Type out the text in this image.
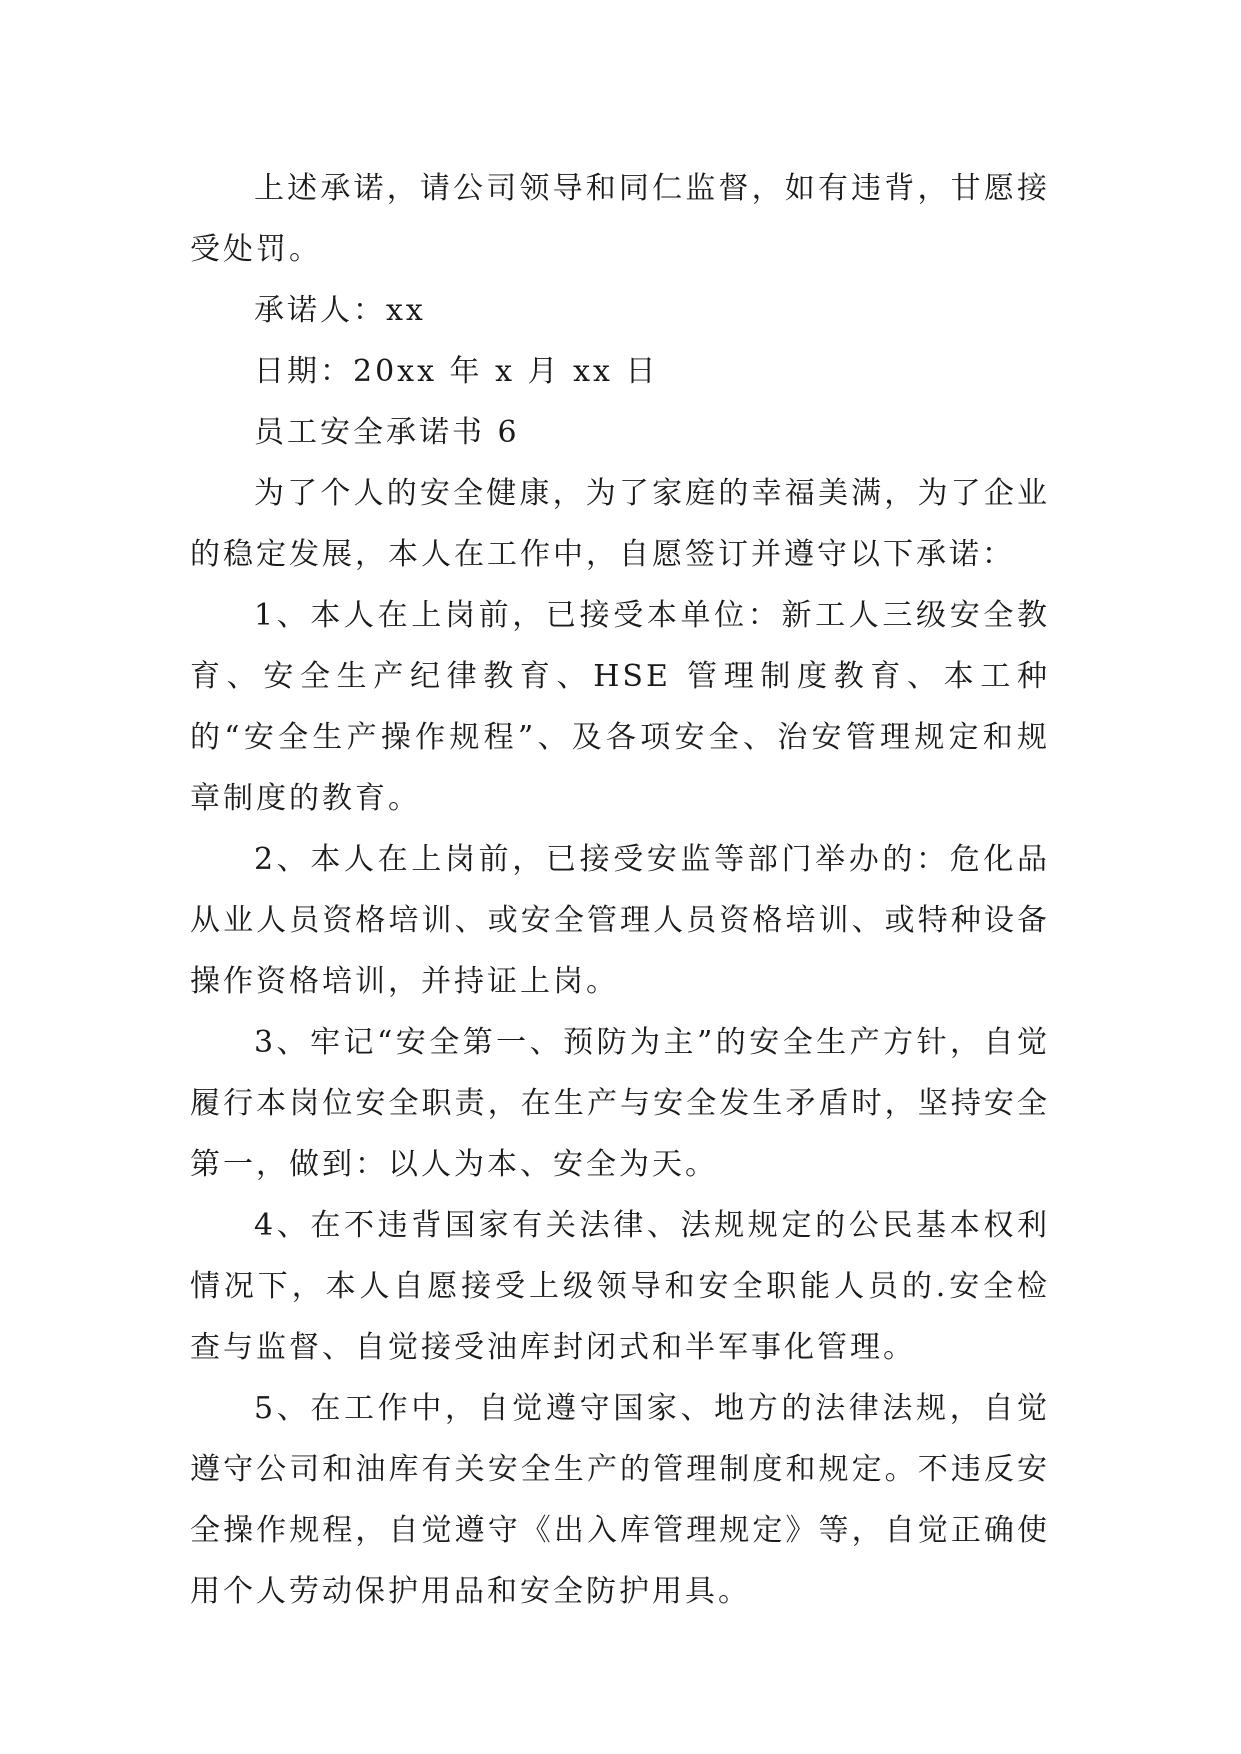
上述承诺，请公司领导和同仁监督，如有违背，甘愿接受处罚。

承诺人：xx

日期：20xx 年 x 月 xx 日

员工安全承诺书 6

为了个人的安全健康，为了家庭的幸福美满，为了企业的稳定发展，本人在工作中，自愿签订并遵守以下承诺：

1、本人在上岗前，已接受本单位：新工人三级安全教育、安全生产纪律教育、HSE 管理制度教育、本工种的“安全生产操作规程”、及各项安全、治安管理规定和规章制度的教育。

2、本人在上岗前，已接受安监等部门举办的：危化品从业人员资格培训、或安全管理人员资格培训、或特种设备操作资格培训，并持证上岗。

3、牢记“安全第一、预防为主”的安全生产方针，自觉履行本岗位安全职责，在生产与安全发生矛盾时，坚持安全第一，做到：以人为本、安全为天。

4、在不违背国家有关法律、法规规定的公民基本权利情况下，本人自愿接受上级领导和安全职能人员的.安全检查与监督、自觉接受油库封闭式和半军事化管理。

5、在工作中，自觉遵守国家、地方的法律法规，自觉遵守公司和油库有关安全生产的管理制度和规定。不违反安全操作规程，自觉遵守《出入库管理规定》等，自觉正确使用个人劳动保护用品和安全防护用具。
